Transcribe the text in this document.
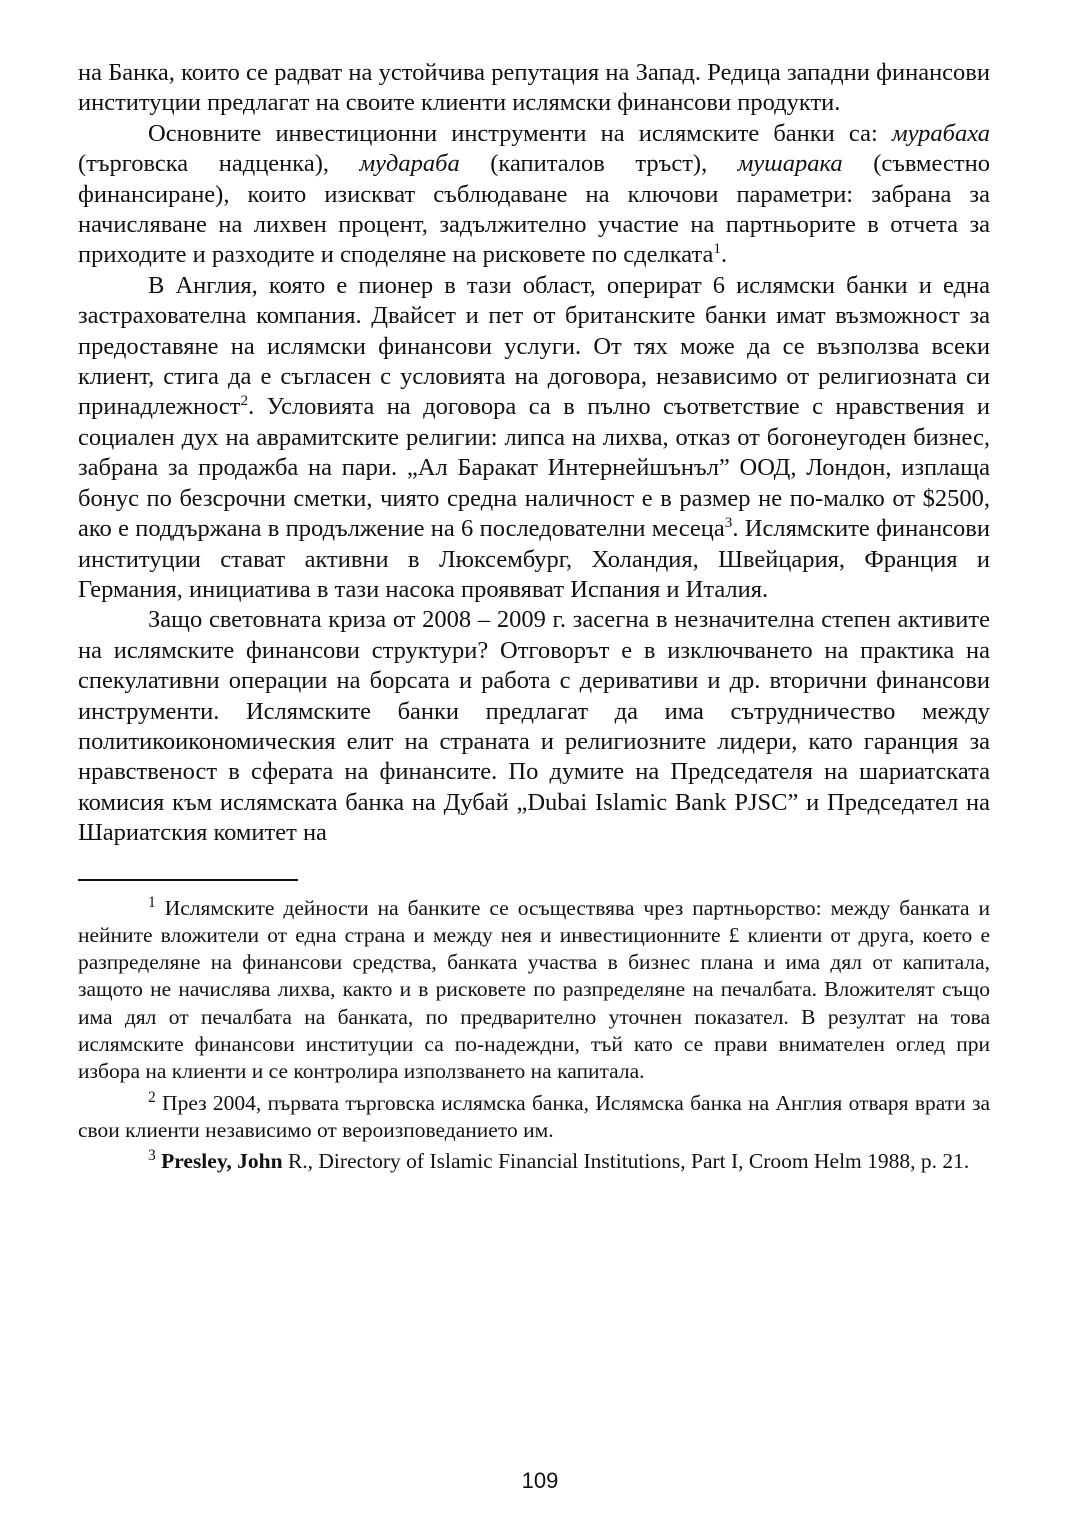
на Банка, които се радват на устойчива репутация на Запад. Редица западни финансови институции предлагат на своите клиенти ислямски финансови продукти.

Основните инвестиционни инструменти на ислямските банки са: мурабаха (търговска надценка), мудараба (капиталов тръст), мушарака (съвместно финансиране), които изискват съблюдаване на ключови параметри: забрана за начисляване на лихвен процент, задължително участие на партньорите в отчета за приходите и разходите и споделяне на рисковете по сделката$^1$.

В Англия, която е пионер в тази област, оперират 6 ислямски банки и една застрахователна компания. Двайсет и пет от британските банки имат възможност за предоставяне на ислямски финансови услуги. От тях може да се възползва всеки клиент, стига да е съгласен с условията на договора, независимо от религиозната си принадлежност$^2$. Условията на договора са в пълно съответствие с нравствения и социален дух на аврамитските религии: липса на лихва, отказ от богонеугоден бизнес, забрана за продажба на пари. „Ал Баракат Интернейшънъл” ООД, Лондон, изплаща бонус по безсрочни сметки, чиято средна наличност е в размер не по-малко от $2500, ако е поддържана в продължение на 6 последователни месеца$^3$. Ислямските финансови институции стават активни в Люксембург, Холандия, Швейцария, Франция и Германия, инициатива в тази насока проявяват Испания и Италия.

Защо световната криза от 2008 – 2009 г. засегна в незначителна степен активите на ислямските финансови структури? Отговорът е в изключването на практика на спекулативни операции на борсата и работа с деривативи и др. вторични финансови инструменти. Ислямските банки предлагат да има сътрудничество между политикоикономическия елит на страната и религиозните лидери, като гаранция за нравственост в сферата на финансите. По думите на Председателя на шариатската комисия към ислямската банка на Дубай „Dubai Islamic Bank PJSC” и Председател на Шариатския комитет на

$^1$ Ислямските дейности на банките се осъществява чрез партньорство: между банката и нейните вложители от една страна и между нея и инвестиционните £ клиенти от друга, което е разпределяне на финансови средства, банката участва в бизнес плана и има дял от капитала, защото не начислява лихва, както и в рисковете по разпределяне на печалбата. Вложителят също има дял от печалбата на банката, по предварително уточнен показател. В резултат на това ислямските финансови институции са по-надеждни, тъй като се прави внимателен оглед при избора на клиенти и се контролира използването на капитала.

$^2$ През 2004, първата търговска ислямска банка, Ислямска банка на Англия отваря врати за свои клиенти независимо от вероизповеданието им.

$^3$ Presley, John R., Directory of Islamic Financial Institutions, Part I, Croom Helm 1988, p. 21.

109
